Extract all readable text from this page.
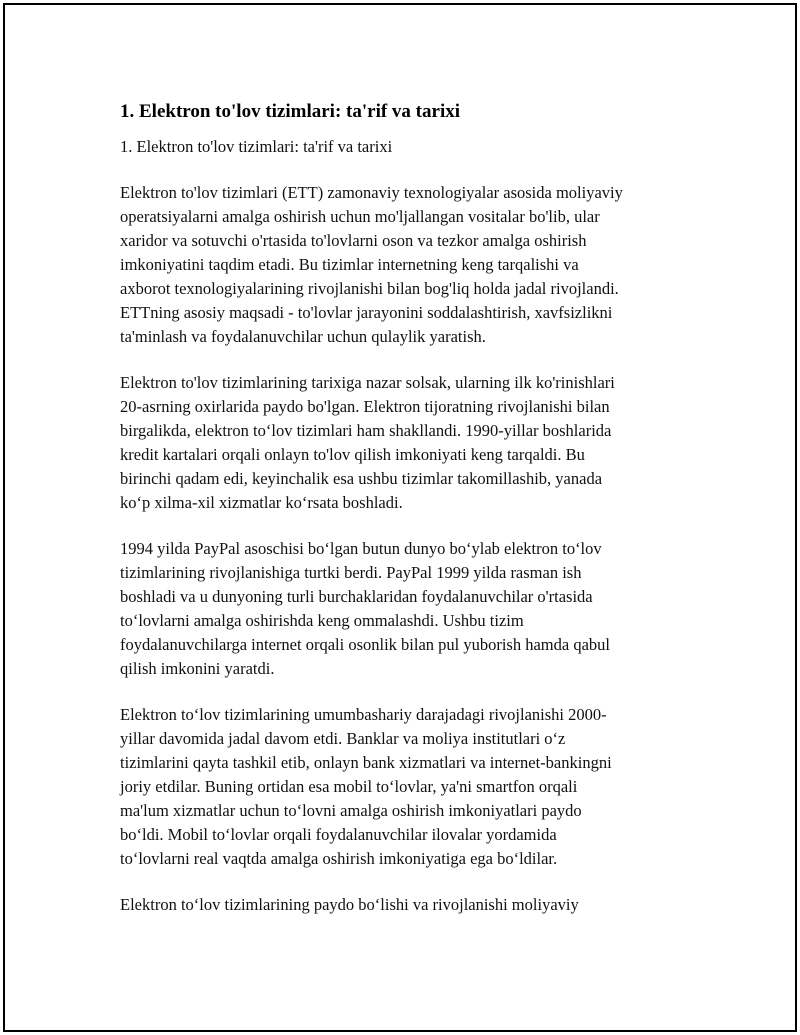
1. Elektron to'lov tizimlari: ta'rif va tarixi

1. Elektron to'lov tizimlari: ta'rif va tarixi

Elektron to'lov tizimlari (ETT) zamonaviy texnologiyalar asosida moliyaviy
operatsiyalarni amalga oshirish uchun mo'ljallangan vositalar bo'lib, ular
xaridor va sotuvchi o'rtasida to'lovlarni oson va tezkor amalga oshirish
imkoniyatini taqdim etadi. Bu tizimlar internetning keng tarqalishi va
axborot texnologiyalarining rivojlanishi bilan bog'liq holda jadal rivojlandi.
ETTning asosiy maqsadi - to'lovlar jarayonini soddalashtirish, xavfsizlikni
ta'minlash va foydalanuvchilar uchun qulaylik yaratish.

Elektron to'lov tizimlarining tarixiga nazar solsak, ularning ilk ko'rinishlari
20-asrning oxirlarida paydo bo'lgan. Elektron tijoratning rivojlanishi bilan
birgalikda, elektron to‘lov tizimlari ham shakllandi. 1990-yillar boshlarida
kredit kartalari orqali onlayn to'lov qilish imkoniyati keng tarqaldi. Bu
birinchi qadam edi, keyinchalik esa ushbu tizimlar takomillashib, yanada
ko‘p xilma-xil xizmatlar ko‘rsata boshladi.

1994 yilda PayPal asoschisi bo‘lgan butun dunyo bo‘ylab elektron to‘lov
tizimlarining rivojlanishiga turtki berdi. PayPal 1999 yilda rasman ish
boshladi va u dunyoning turli burchaklaridan foydalanuvchilar o'rtasida
to‘lovlarni amalga oshirishda keng ommalashdi. Ushbu tizim
foydalanuvchilarga internet orqali osonlik bilan pul yuborish hamda qabul
qilish imkonini yaratdi.

Elektron to‘lov tizimlarining umumbashariy darajadagi rivojlanishi 2000-
yillar davomida jadal davom etdi. Banklar va moliya institutlari o‘z
tizimlarini qayta tashkil etib, onlayn bank xizmatlari va internet-bankingni
joriy etdilar. Buning ortidan esa mobil to‘lovlar, ya'ni smartfon orqali
ma'lum xizmatlar uchun to‘lovni amalga oshirish imkoniyatlari paydo
bo‘ldi. Mobil to‘lovlar orqali foydalanuvchilar ilovalar yordamida
to‘lovlarni real vaqtda amalga oshirish imkoniyatiga ega bo‘ldilar.

Elektron to‘lov tizimlarining paydo bo‘lishi va rivojlanishi moliyaviy
